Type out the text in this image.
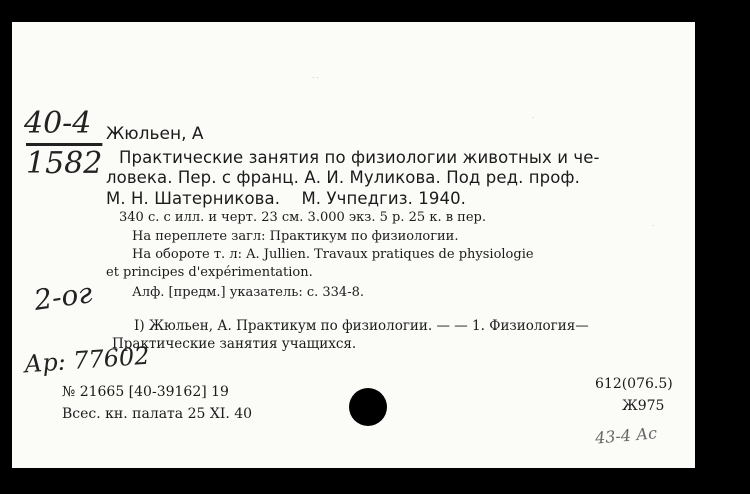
40-4
1582
Жюльен, А
Практические занятия по физиологии животных и че-
ловека. Пер. с франц. А. И. Муликова. Под ред. проф.
М. Н. Шатерникова.    М. Учпедгиз. 1940.
340 с. с илл. и черт. 23 см. 3.000 экз. 5 р. 25 к. в пер.
На переплете загл: Практикум по физиологии.
На обороте т. л: A. Jullien. Travaux pratiques de physiologie
et principes d'expérimentation.
Алф. [предм.] указатель: с. 334-8.
2-ог
I) Жюльен, А. Практикум по физиологии. — — 1. Физиология—
Практические занятия учащихся.
Ар: 77602
№ 21665 [40-39162] 19
Всес. кн. палата 25 XI. 40
612(076.5)
Ж975
43-4 Ас
· ·
·
·
